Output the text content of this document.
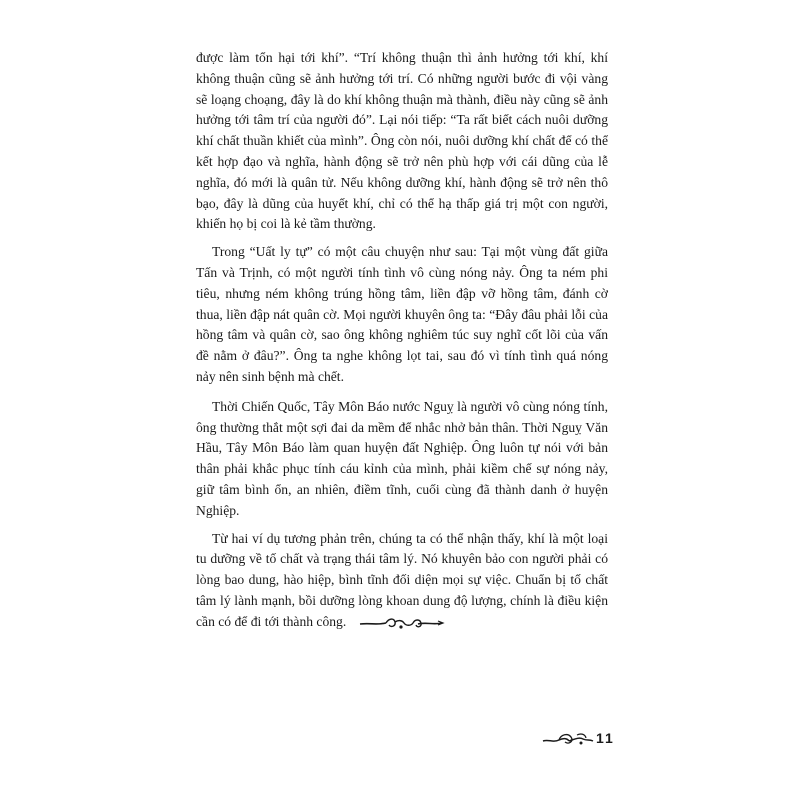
được làm tổn hại tới khí”. “Trí không thuận thì ảnh hưởng tới khí, khí không thuận cũng sẽ ảnh hưởng tới trí. Có những người bước đi vội vàng sẽ loạng choạng, đây là do khí không thuận mà thành, điều này cũng sẽ ảnh hưởng tới tâm trí của người đó”. Lại nói tiếp: “Ta rất biết cách nuôi dưỡng khí chất thuần khiết của mình”. Ông còn nói, nuôi dưỡng khí chất để có thể kết hợp đạo và nghĩa, hành động sẽ trở nên phù hợp với cái dũng của lễ nghĩa, đó mới là quân tử. Nếu không dưỡng khí, hành động sẽ trở nên thô bạo, đây là dũng của huyết khí, chỉ có thể hạ thấp giá trị một con người, khiến họ bị coi là kẻ tầm thường.

Trong “Uất ly tự” có một câu chuyện như sau: Tại một vùng đất giữa Tấn và Trịnh, có một người tính tình vô cùng nóng nảy. Ông ta ném phi tiêu, nhưng ném không trúng hồng tâm, liền đập vỡ hồng tâm, đánh cờ thua, liền đập nát quân cờ. Mọi người khuyên ông ta: “Đây đâu phải lỗi của hồng tâm và quân cờ, sao ông không nghiêm túc suy nghĩ cốt lõi của vấn đề nằm ở đâu?”. Ông ta nghe không lọt tai, sau đó vì tính tình quá nóng nảy nên sinh bệnh mà chết.

Thời Chiến Quốc, Tây Môn Báo nước Nguỵ là người vô cùng nóng tính, ông thường thắt một sợi đai da mềm để nhắc nhở bản thân. Thời Nguỵ Văn Hầu, Tây Môn Báo làm quan huyện đất Nghiệp. Ông luôn tự nói với bản thân phải khắc phục tính cáu kỉnh của mình, phải kiềm chế sự nóng nảy, giữ tâm bình ổn, an nhiên, điềm tĩnh, cuối cùng đã thành danh ở huyện Nghiệp.

Từ hai ví dụ tương phản trên, chúng ta có thể nhận thấy, khí là một loại tu dưỡng về tố chất và trạng thái tâm lý. Nó khuyên bảo con người phải có lòng bao dung, hào hiệp, bình tĩnh đối diện mọi sự việc. Chuẩn bị tố chất tâm lý lành mạnh, bồi dưỡng lòng khoan dung độ lượng, chính là điều kiện cần có để đi tới thành công.

11
